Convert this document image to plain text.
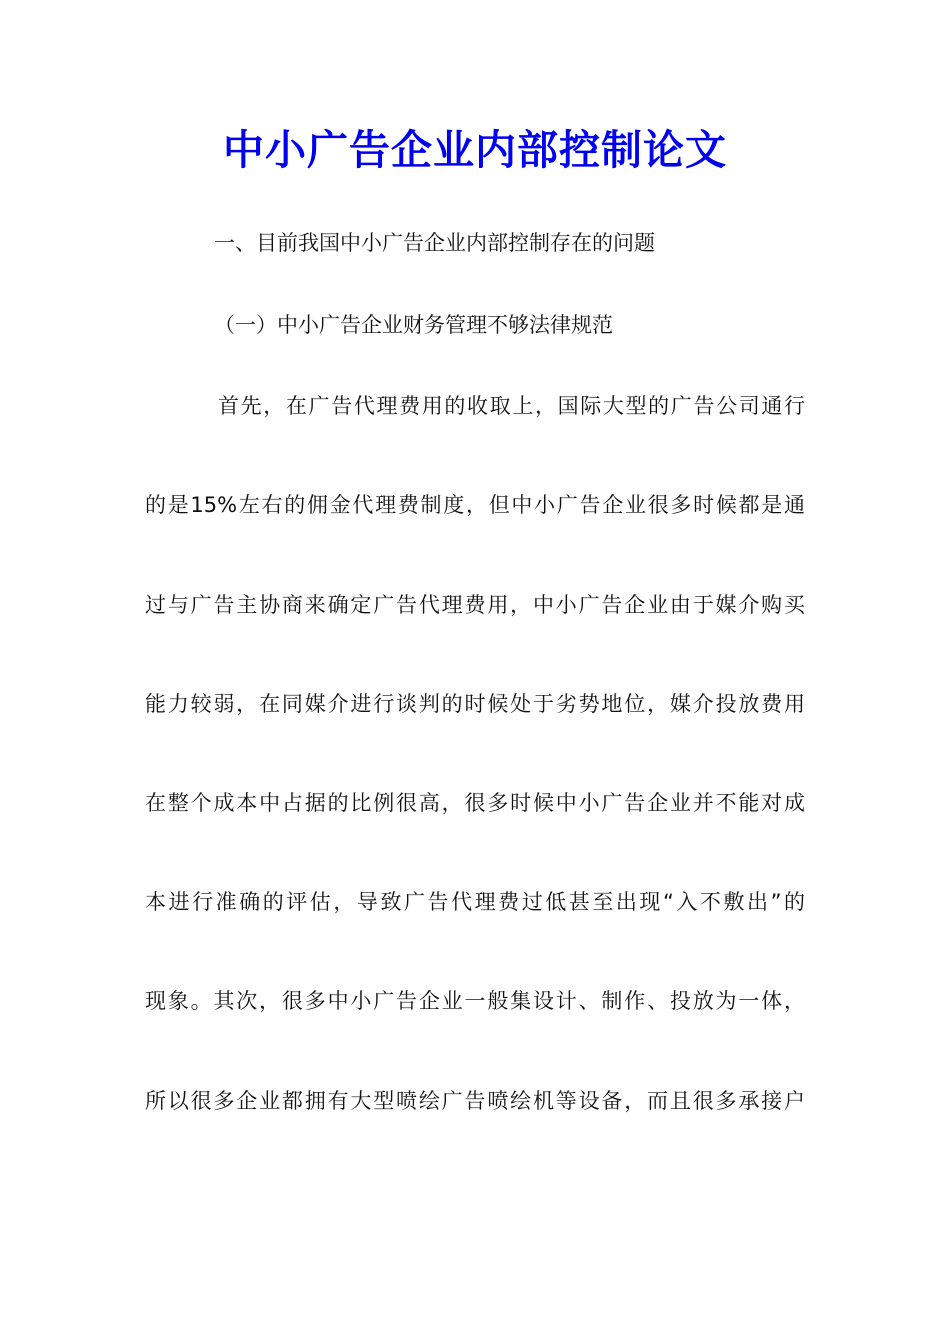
中小广告企业内部控制论文
一、目前我国中小广告企业内部控制存在的问题
（一）中小广告企业财务管理不够法律规范
首先，在广告代理费用的收取上，国际大型的广告公司通行
的是15%左右的佣金代理费制度，但中小广告企业很多时候都是通
过与广告主协商来确定广告代理费用，中小广告企业由于媒介购买
能力较弱，在同媒介进行谈判的时候处于劣势地位，媒介投放费用
在整个成本中占据的比例很高，很多时候中小广告企业并不能对成
本进行准确的评估，导致广告代理费过低甚至出现“入不敷出”的
现象。其次，很多中小广告企业一般集设计、制作、投放为一体，
所以很多企业都拥有大型喷绘广告喷绘机等设备，而且很多承接户
